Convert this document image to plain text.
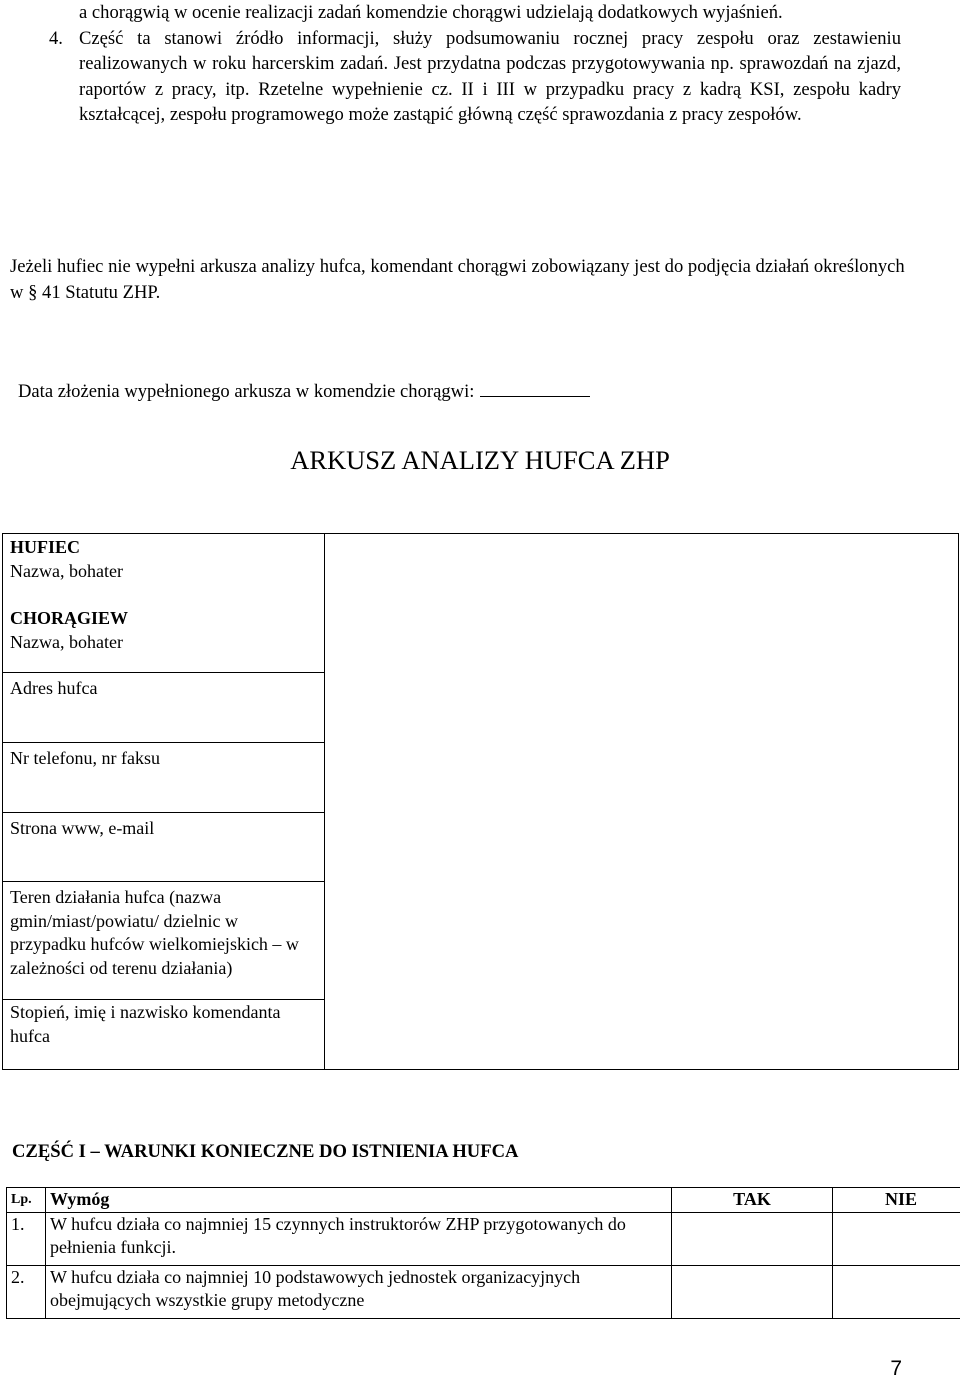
a chorągwią w ocenie realizacji zadań komendzie chorągwi udzielają dodatkowych wyjaśnień.

4. Część ta stanowi źródło informacji, służy podsumowaniu rocznej pracy zespołu oraz zestawieniu realizowanych w roku harcerskim zadań. Jest przydatna podczas przygotowywania np. sprawozdań na zjazd, raportów z pracy, itp. Rzetelne wypełnienie cz. II i III w przypadku pracy z kadrą KSI, zespołu kadry kształcącej, zespołu programowego może zastąpić główną część sprawozdania z pracy zespołów.

Jeżeli hufiec nie wypełni arkusza analizy hufca, komendant chorągwi zobowiązany jest do podjęcia działań określonych w § 41 Statutu ZHP.

Data złożenia wypełnionego arkusza w komendzie chorągwi:
ARKUSZ ANALIZY HUFCA ZHP
HUFIEC
Nazwa, bohater
CHORĄGIEW
Nazwa, bohater

Adres hufca
Nr telefonu, nr faksu
Strona www, e-mail
Teren działania hufca (nazwa gmin/miast/powiatu/ dzielnic w przypadku hufców wielkomiejskich – w zależności od terenu działania)
Stopień, imię i nazwisko komendanta hufca
CZĘŚĆ I – WARUNKI KONIECZNE DO ISTNIENIA HUFCA
Lp.	Wymóg	TAK	NIE
1.	W hufcu działa co najmniej 15 czynnych instruktorów ZHP przygotowanych do pełnienia funkcji.		
2.	W hufcu działa co najmniej 10 podstawowych jednostek organizacyjnych obejmujących wszystkie grupy metodyczne		
7
